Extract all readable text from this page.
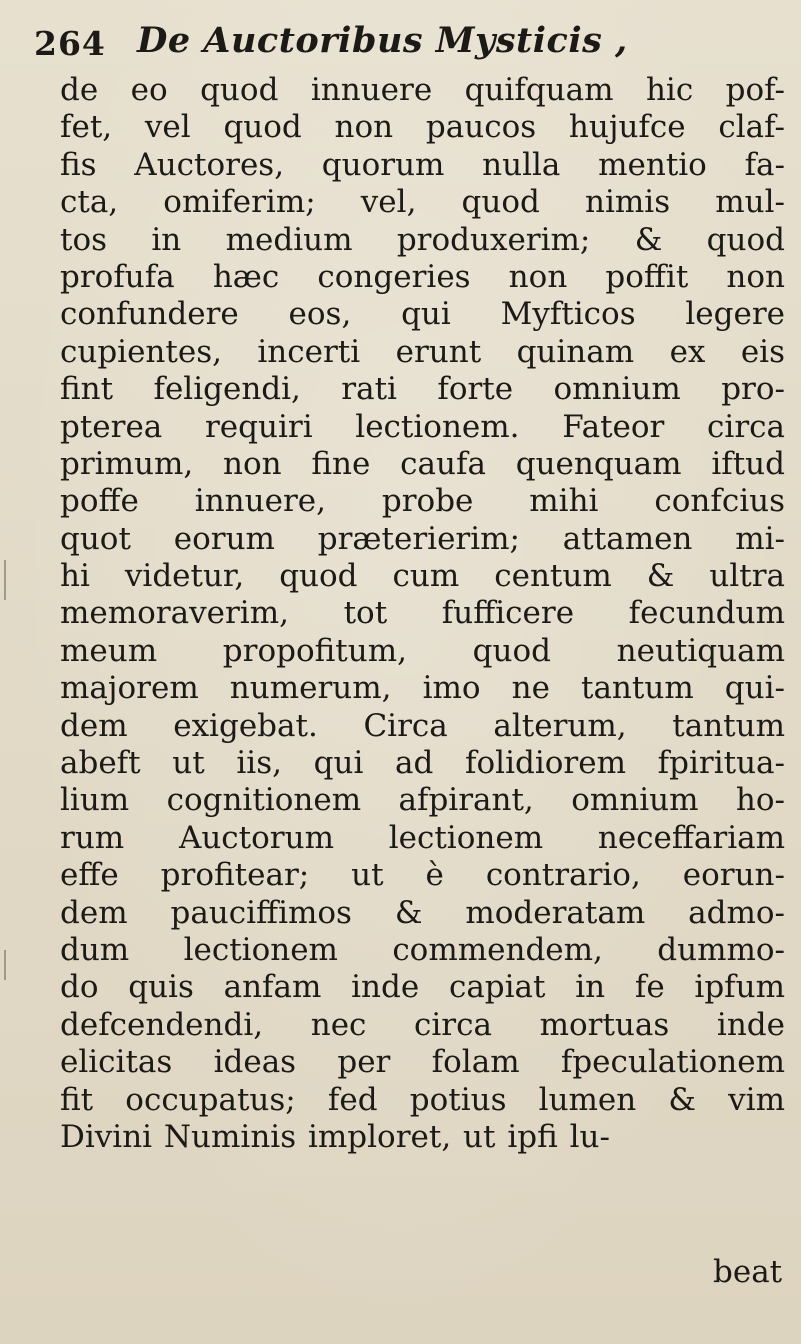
264 De Auctoribus Mysticis ,
de eo quod innuere quifquam hic pof-
fet, vel quod non paucos hujufce claf-
fis Auctores, quorum nulla mentio fa-
cta, omiferim; vel, quod nimis mul-
tos in medium produxerim; & quod
profufa hæc congeries non poffit non
confundere eos, qui Myfticos legere
cupientes, incerti erunt quinam ex eis
fint feligendi, rati forte omnium pro-
pterea requiri lectionem. Fateor circa
primum, non fine caufa quenquam iftud
poffe innuere, probe mihi confcius
quot eorum præterierim; attamen mi-
hi videtur, quod cum centum & ultra
memoraverim, tot fufficere fecundum
meum propofitum, quod neutiquam
majorem numerum, imo ne tantum qui-
dem exigebat. Circa alterum, tantum
abeft ut iis, qui ad folidiorem fpiritua-
lium cognitionem afpirant, omnium ho-
rum Auctorum lectionem neceffariam
effe profitear; ut è contrario, eorun-
dem pauciffimos & moderatam admo-
dum lectionem commendem, dummo-
do quis anfam inde capiat in fe ipfum
defcendendi, nec circa mortuas inde
elicitas ideas per folam fpeculationem
fit occupatus; fed potius lumen & vim
Divini Numinis imploret, ut ipfi lu-
beat
